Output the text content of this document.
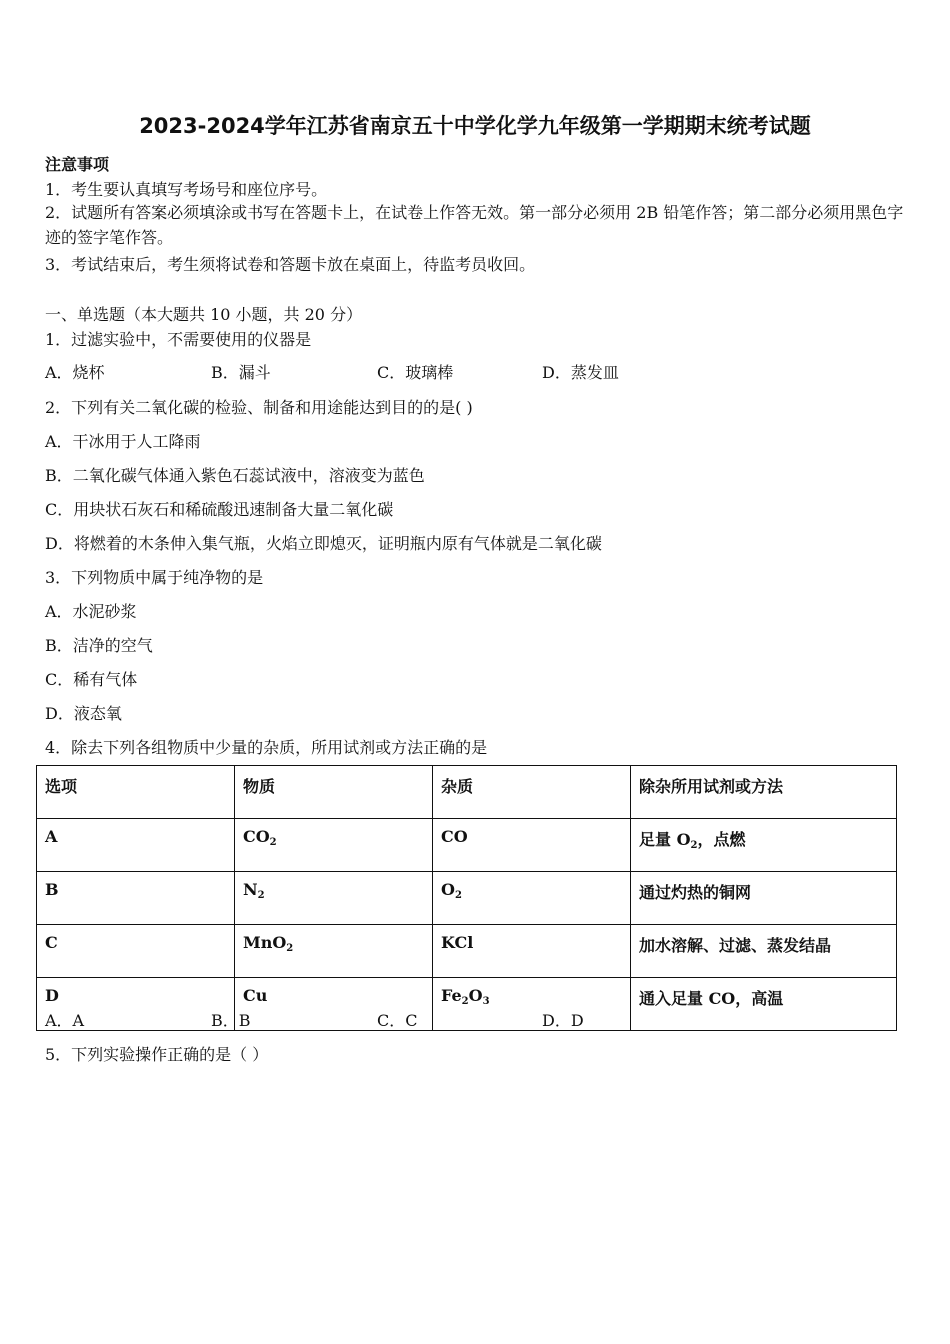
2023-2024学年江苏省南京五十中学化学九年级第一学期期末统考试题
注意事项
1．考生要认真填写考场号和座位序号。
2．试题所有答案必须填涂或书写在答题卡上，在试卷上作答无效。第一部分必须用 2B 铅笔作答；第二部分必须用黑色字迹的签字笔作答。
3．考试结束后，考生须将试卷和答题卡放在桌面上，待监考员收回。
一、单选题（本大题共 10 小题，共 20 分）
1．过滤实验中，不需要使用的仪器是
A．烧杯	B．漏斗	C．玻璃棒	D．蒸发皿
2．下列有关二氧化碳的检验、制备和用途能达到目的的是( )
A．干冰用于人工降雨
B．二氧化碳气体通入紫色石蕊试液中，溶液变为蓝色
C．用块状石灰石和稀硫酸迅速制备大量二氧化碳
D．将燃着的木条伸入集气瓶，火焰立即熄灭，证明瓶内原有气体就是二氧化碳
3．下列物质中属于纯净物的是
A．水泥砂浆
B．洁净的空气
C．稀有气体
D．液态氧
4．除去下列各组物质中少量的杂质，所用试剂或方法正确的是
选项	物质	杂质	除杂所用试剂或方法
A	$CO_2$	CO	足量 $O_2$，点燃
B	$N_2$	$O_2$	通过灼热的铜网
C	MnO$_2$	KCl	加水溶解、过滤、蒸发结晶
D	Cu	$Fe_2O_3$	通入足量 CO，高温
A．A	B．B	C．C	D．D
5．下列实验操作正确的是（ ）
